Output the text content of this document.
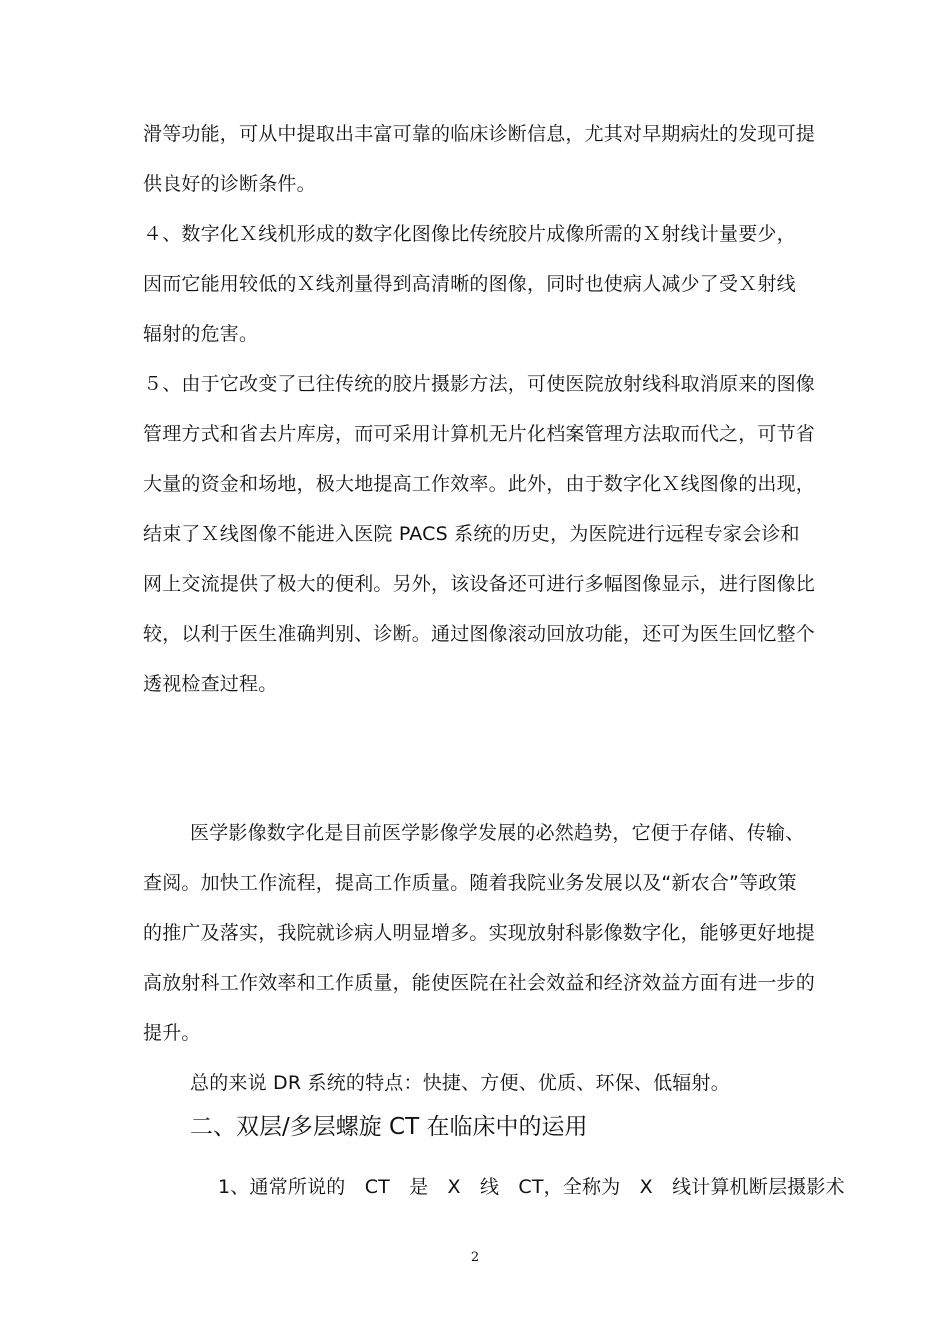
滑等功能，可从中提取出丰富可靠的临床诊断信息，尤其对早期病灶的发现可提
供良好的诊断条件。
４、数字化Ｘ线机形成的数字化图像比传统胶片成像所需的Ｘ射线计量要少，
因而它能用较低的Ｘ线剂量得到高清晰的图像，同时也使病人减少了受Ｘ射线
辐射的危害。
５、由于它改变了已往传统的胶片摄影方法，可使医院放射线科取消原来的图像
管理方式和省去片库房，而可采用计算机无片化档案管理方法取而代之，可节省
大量的资金和场地，极大地提高工作效率。此外，由于数字化Ｘ线图像的出现，
结束了Ｘ线图像不能进入医院 PACS 系统的历史，为医院进行远程专家会诊和
网上交流提供了极大的便利。另外，该设备还可进行多幅图像显示，进行图像比
较，以利于医生准确判别、诊断。通过图像滚动回放功能，还可为医生回忆整个
透视检查过程。
医学影像数字化是目前医学影像学发展的必然趋势，它便于存储、传输、
查阅。加快工作流程，提高工作质量。随着我院业务发展以及“新农合”等政策
的推广及落实，我院就诊病人明显增多。实现放射科影像数字化，能够更好地提
高放射科工作效率和工作质量，能使医院在社会效益和经济效益方面有进一步的
提升。
总的来说 DR 系统的特点：快捷、方便、优质、环保、低辐射。
二、双层/多层螺旋 CT 在临床中的运用
1、通常所说的　CT　是　X　线　CT，全称为　X　线计算机断层摄影术
2
